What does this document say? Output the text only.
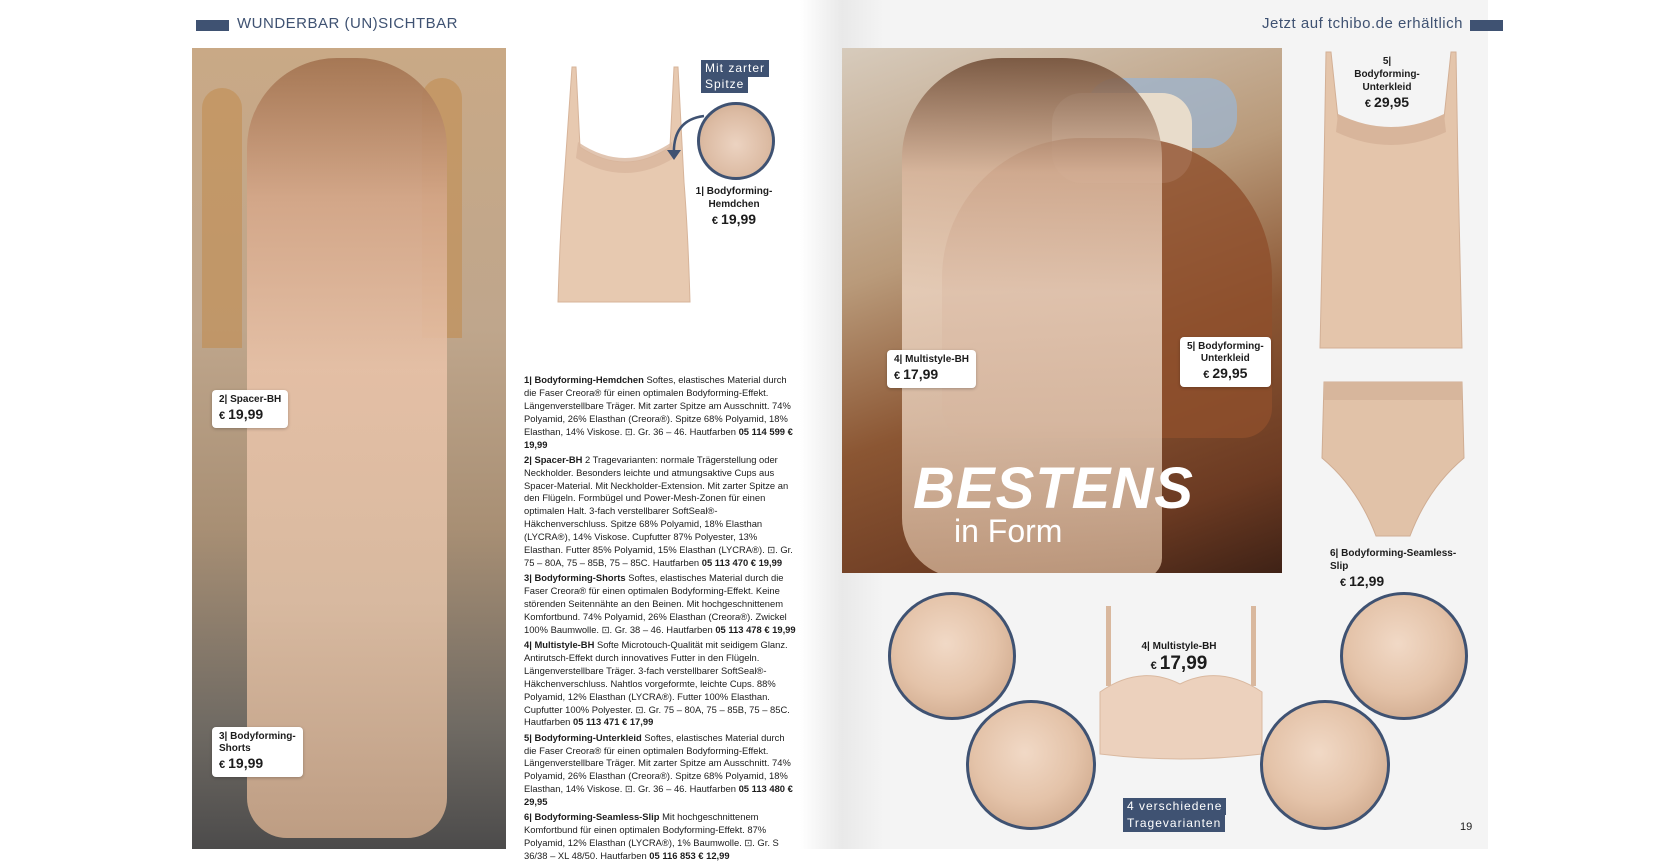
WUNDERBAR (UN)SICHTBAR	Jetzt auf tchibo.de erhältlich
BESTENS
in Form
Mit zarter
Spitze
1| Bodyforming-
Hemdchen
€ 19,99

1| Bodyforming-Hemdchen Softes, elastisches Material durch die Faser Creora® für einen optimalen Bodyforming-Effekt. Längenverstellbare Träger. Mit zarter Spitze am Ausschnitt. 74% Polyamid, 26% Elasthan (Creora®). Spitze 68% Polyamid, 18% Elasthan, 14% Viskose. ⊡. Gr. 36 – 46. Hautfarben 05 114 599 € 19,99

2| Spacer-BH 2 Tragevarianten: normale Trägerstellung oder Neckholder. Besonders leichte und atmungsaktive Cups aus Spacer-Material. Mit Neckholder-Extension. Mit zarter Spitze an den Flügeln. Formbügel und Power-Mesh-Zonen für einen optimalen Halt. 3-fach verstellbarer SoftSeal®-Häkchenverschluss. Spitze 68% Polyamid, 18% Elasthan (LYCRA®), 14% Viskose. Cupfutter 87% Polyester, 13% Elasthan. Futter 85% Polyamid, 15% Elasthan (LYCRA®). ⊡. Gr. 75 – 80A, 75 – 85B, 75 – 85C. Hautfarben 05 113 470 € 19,99

3| Bodyforming-Shorts Softes, elastisches Material durch die Faser Creora® für einen optimalen Bodyforming-Effekt. Keine störenden Seitennähte an den Beinen. Mit hochgeschnittenem Komfortbund. 74% Polyamid, 26% Elasthan (Creora®). Zwickel 100% Baumwolle. ⊡. Gr. 38 – 46. Hautfarben 05 113 478 € 19,99

4| Multistyle-BH Softe Microtouch-Qualität mit seidigem Glanz. Antirutsch-Effekt durch innovatives Futter in den Flügeln. Längenverstellbare Träger. 3-fach verstellbarer SoftSeal®-Häkchenverschluss. Nahtlos vorgeformte, leichte Cups. 88% Polyamid, 12% Elasthan (LYCRA®). Futter 100% Elasthan. Cupfutter 100% Polyester. ⊡. Gr. 75 – 80A, 75 – 85B, 75 – 85C. Hautfarben 05 113 471 € 17,99

5| Bodyforming-Unterkleid Softes, elastisches Material durch die Faser Creora® für einen optimalen Bodyforming-Effekt. Längenverstellbare Träger. Mit zarter Spitze am Ausschnitt. 74% Polyamid, 26% Elasthan (Creora®). Spitze 68% Polyamid, 18% Elasthan, 14% Viskose. ⊡. Gr. 36 – 46. Hautfarben 05 113 480 € 29,95

6| Bodyforming-Seamless-Slip Mit hochgeschnittenem Komfortbund für einen optimalen Bodyforming-Effekt. 87% Polyamid, 12% Elasthan (LYCRA®), 1% Baumwolle. ⊡. Gr. S 36/38 – XL 48/50. Hautfarben 05 116 853 € 12,99

2| Spacer-BH
€ 19,99
3| Bodyforming-
Shorts
€ 19,99
4| Multistyle-BH
€ 17,99
5| Bodyforming-
Unterkleid
€ 29,95
5| Bodyforming-
Unterkleid
€ 29,95
6| Bodyforming-Seamless-Slip
€ 12,99
4| Multistyle-BH
€ 17,99
4 verschiedene
Tragevarianten	19
